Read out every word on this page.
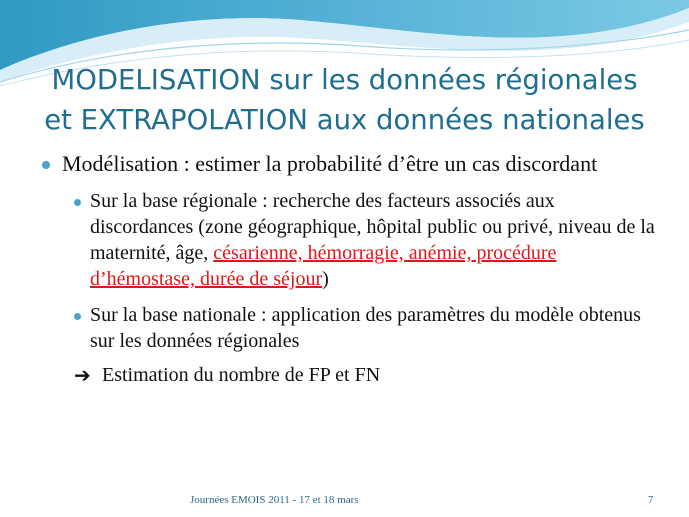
MODELISATION sur les données régionales
et EXTRAPOLATION aux données nationales
Modélisation : estimer la probabilité d’être un cas discordant
Sur la base régionale : recherche des facteurs associés aux discordances (zone géographique, hôpital public ou privé, niveau de la maternité, âge, césarienne, hémorragie, anémie, procédure d’hémostase, durée de séjour)
Sur la base nationale : application des paramètres du modèle obtenus sur les données régionales
➔ Estimation du nombre de FP et FN
Journées EMOIS 2011 - 17 et 18 mars	7
